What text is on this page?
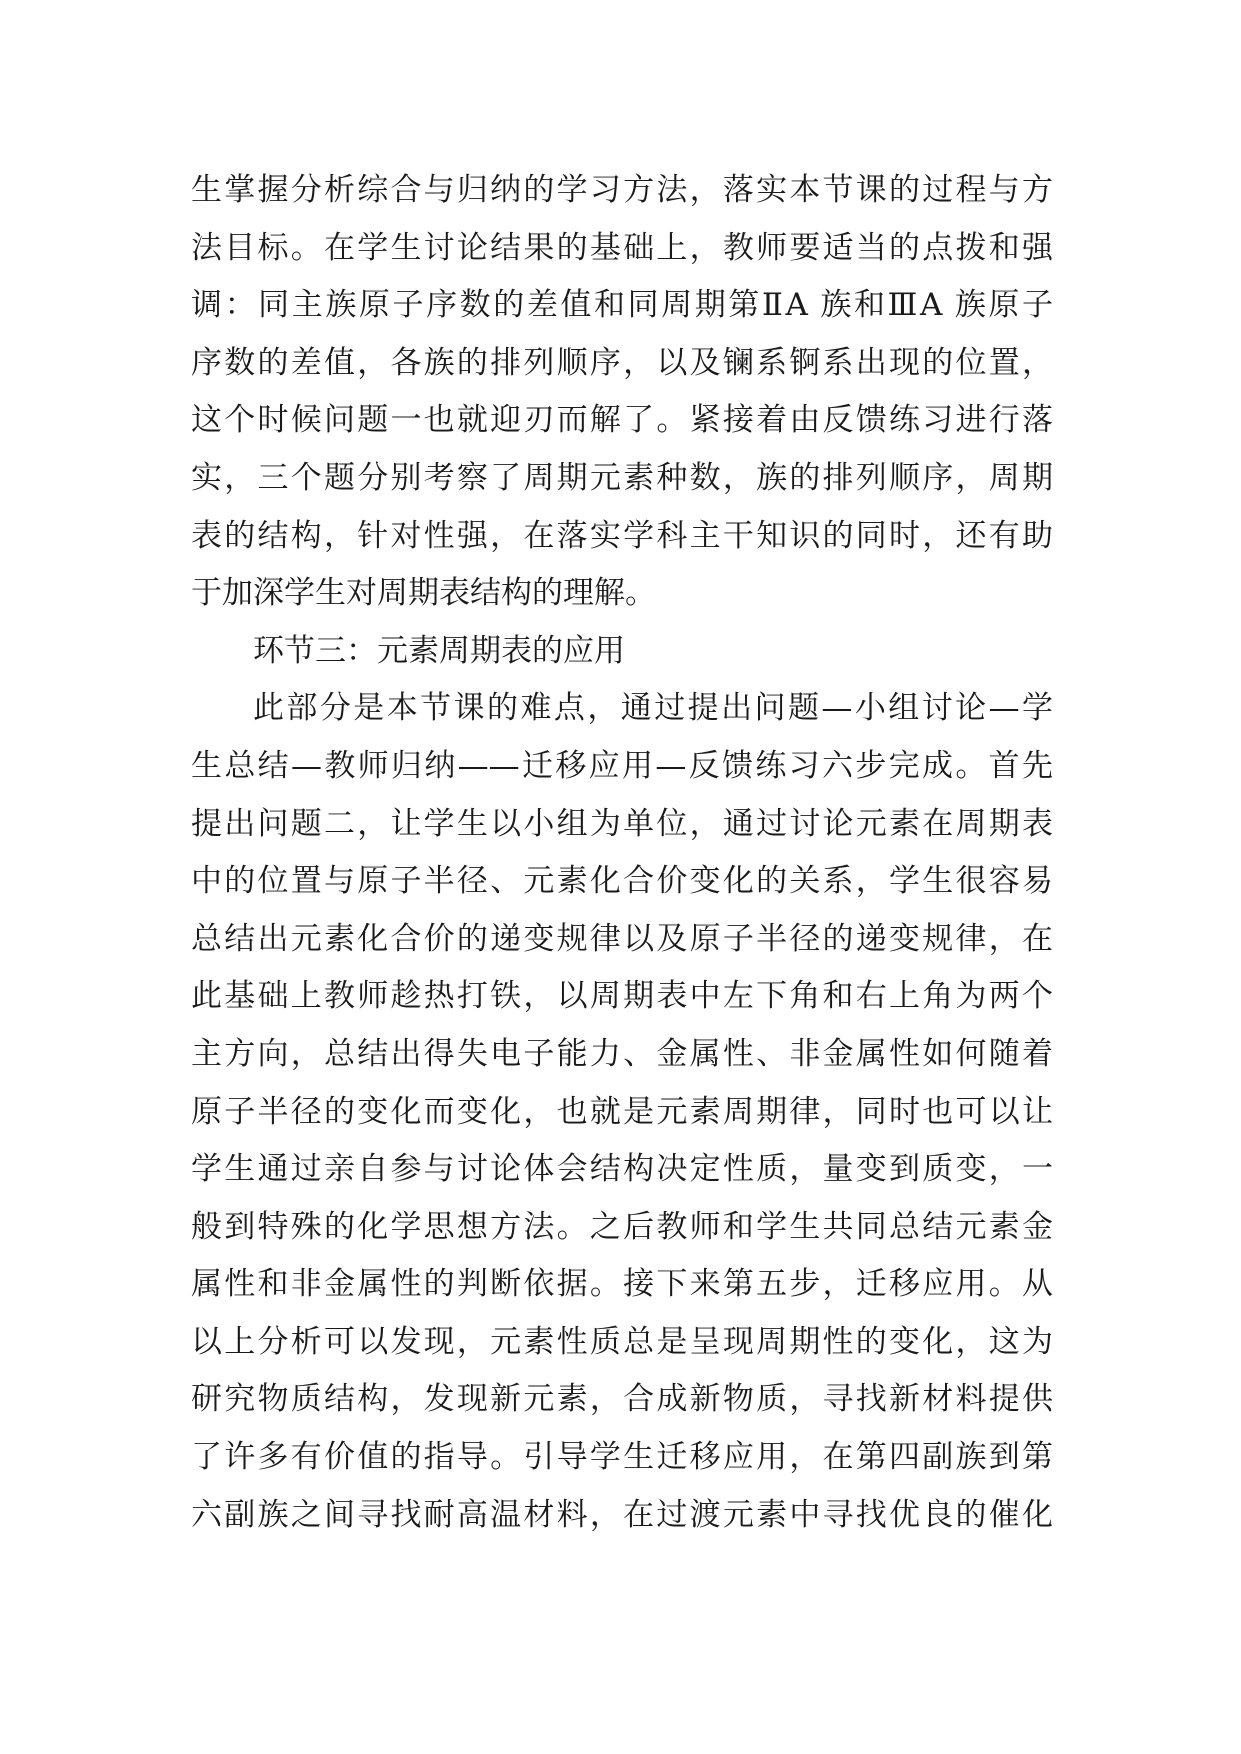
生掌握分析综合与归纳的学习方法，落实本节课的过程与方
法目标。在学生讨论结果的基础上，教师要适当的点拨和强
调：同主族原子序数的差值和同周期第ⅡA 族和ⅢA 族原子
序数的差值，各族的排列顺序，以及镧系锕系出现的位置，
这个时候问题一也就迎刃而解了。紧接着由反馈练习进行落
实，三个题分别考察了周期元素种数，族的排列顺序，周期
表的结构，针对性强，在落实学科主干知识的同时，还有助
于加深学生对周期表结构的理解。
环节三：元素周期表的应用
此部分是本节课的难点，通过提出问题—小组讨论—学
生总结—教师归纳——迁移应用—反馈练习六步完成。首先
提出问题二，让学生以小组为单位，通过讨论元素在周期表
中的位置与原子半径、元素化合价变化的关系，学生很容易
总结出元素化合价的递变规律以及原子半径的递变规律，在
此基础上教师趁热打铁，以周期表中左下角和右上角为两个
主方向，总结出得失电子能力、金属性、非金属性如何随着
原子半径的变化而变化，也就是元素周期律，同时也可以让
学生通过亲自参与讨论体会结构决定性质，量变到质变，一
般到特殊的化学思想方法。之后教师和学生共同总结元素金
属性和非金属性的判断依据。接下来第五步，迁移应用。从
以上分析可以发现，元素性质总是呈现周期性的变化，这为
研究物质结构，发现新元素，合成新物质，寻找新材料提供
了许多有价值的指导。引导学生迁移应用，在第四副族到第
六副族之间寻找耐高温材料，在过渡元素中寻找优良的催化
